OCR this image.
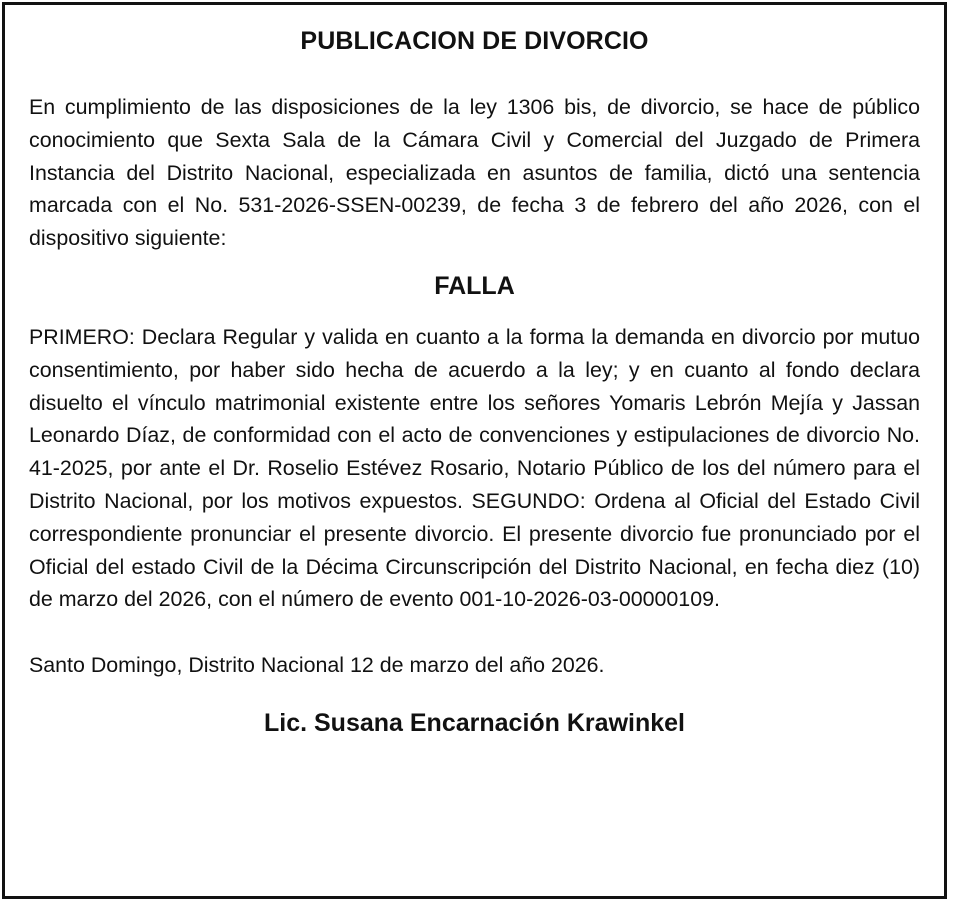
PUBLICACION DE DIVORCIO

En cumplimiento de las disposiciones de la ley 1306 bis, de divorcio, se hace de público conocimiento que Sexta Sala de la Cámara Civil y Comercial del Juzgado de Primera Instancia del Distrito Nacional, especializada en asuntos de familia, dictó una sentencia marcada con el No. 531-2026-SSEN-00239, de fecha 3 de febrero del año 2026, con el dispositivo siguiente:

FALLA

PRIMERO: Declara Regular y valida en cuanto a la forma la demanda en divorcio por mutuo consentimiento, por haber sido hecha de acuerdo a la ley; y en cuanto al fondo declara disuelto el vínculo matrimonial existente entre los señores Yomaris Lebrón Mejía y Jassan Leonardo Díaz, de conformidad con el acto de convenciones y estipulaciones de divorcio No. 41-2025, por ante el Dr. Roselio Estévez Rosario, Notario Público de los del número para el Distrito Nacional, por los motivos expuestos. SEGUNDO: Ordena al Oficial del Estado Civil correspondiente pronunciar el presente divorcio. El presente divorcio fue pronunciado por el Oficial del estado Civil de la Décima Circunscripción del Distrito Nacional, en fecha diez (10) de marzo del 2026, con el número de evento 001-10-2026-03-00000109.

Santo Domingo, Distrito Nacional 12 de marzo del año 2026.

Lic. Susana Encarnación Krawinkel
